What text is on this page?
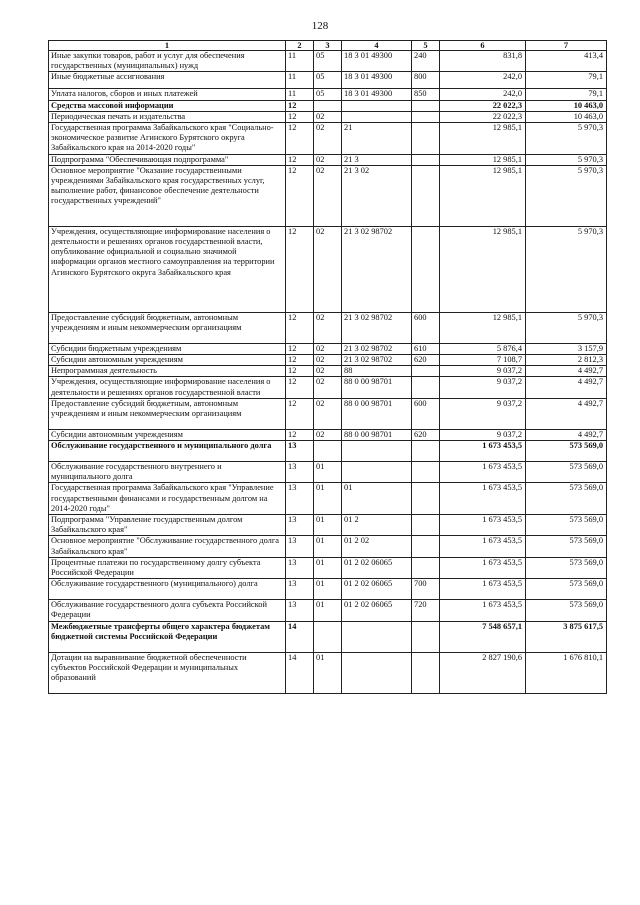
128
1	2	3	4	5	6	7
Иные закупки товаров, работ и услуг для обеспечения государственных (муниципальных) нужд	11	05	18 3 01 49300	240	831,8	413,4
Иные бюджетные ассигнования	11	05	18 3 01 49300	800	242,0	79,1
Уплата налогов, сборов и иных платежей	11	05	18 3 01 49300	850	242,0	79,1
Средства массовой информации	12				22 022,3	10 463,0
Периодическая печать и издательства	12	02			22 022,3	10 463,0
Государственная программа Забайкальского края "Социально-экономическое развитие Агинского Бурятского округа Забайкальского края на 2014-2020 годы"	12	02	21		12 985,1	5 970,3
Подпрограмма "Обеспечивающая подпрограмма"	12	02	21 3		12 985,1	5 970,3
Основное мероприятие "Оказание государственными учреждениями Забайкальского края государственных услуг, выполнение работ, финансовое обеспечение деятельности государственных учреждений"	12	02	21 3 02		12 985,1	5 970,3
Учреждения, осуществляющие информирование населения о деятельности и решениях органов государственной власти, опубликование официальной и социально значимой информации органов местного самоуправления на территории Агинского Бурятского округа Забайкальского края	12	02	21 3 02 98702		12 985,1	5 970,3
Предоставление субсидий бюджетным, автономным учреждениям и иным некоммерческим организациям	12	02	21 3 02 98702	600	12 985,1	5 970,3
Субсидии бюджетным учреждениям	12	02	21 3 02 98702	610	5 876,4	3 157,9
Субсидии автономным учреждениям	12	02	21 3 02 98702	620	7 108,7	2 812,3
Непрограммная деятельность	12	02	88		9 037,2	4 492,7
Учреждения, осуществляющие информирование населения о деятельности и решениях органов государственной власти	12	02	88 0 00 98701		9 037,2	4 492,7
Предоставление субсидий бюджетным, автономным учреждениям и иным некоммерческим организациям	12	02	88 0 00 98701	600	9 037,2	4 492,7
Субсидии автономным учреждениям	12	02	88 0 00 98701	620	9 037,2	4 492,7
Обслуживание государственного и муниципального долга	13				1 673 453,5	573 569,0
Обслуживание государственного внутреннего и муниципального долга	13	01			1 673 453,5	573 569,0
Государственная программа Забайкальского края "Управление государственными финансами и государственным долгом на 2014-2020 годы"	13	01	01		1 673 453,5	573 569,0
Подпрограмма "Управление государственным долгом Забайкальского края"	13	01	01 2		1 673 453,5	573 569,0
Основное мероприятие "Обслуживание государственного долга Забайкальского края"	13	01	01 2 02		1 673 453,5	573 569,0
Процентные платежи по государственному долгу субъекта Российской Федерации	13	01	01 2 02 06065		1 673 453,5	573 569,0
Обслуживание государственного (муниципального) долга	13	01	01 2 02 06065	700	1 673 453,5	573 569,0
Обслуживание государственного долга субъекта Российской Федерации	13	01	01 2 02 06065	720	1 673 453,5	573 569,0
Межбюджетные трансферты общего характера бюджетам бюджетной системы Российской Федерации	14				7 548 657,1	3 875 617,5
Дотации на выравнивание бюджетной обеспеченности субъектов Российской Федерации и муниципальных образований	14	01			2 827 190,6	1 676 810,1
